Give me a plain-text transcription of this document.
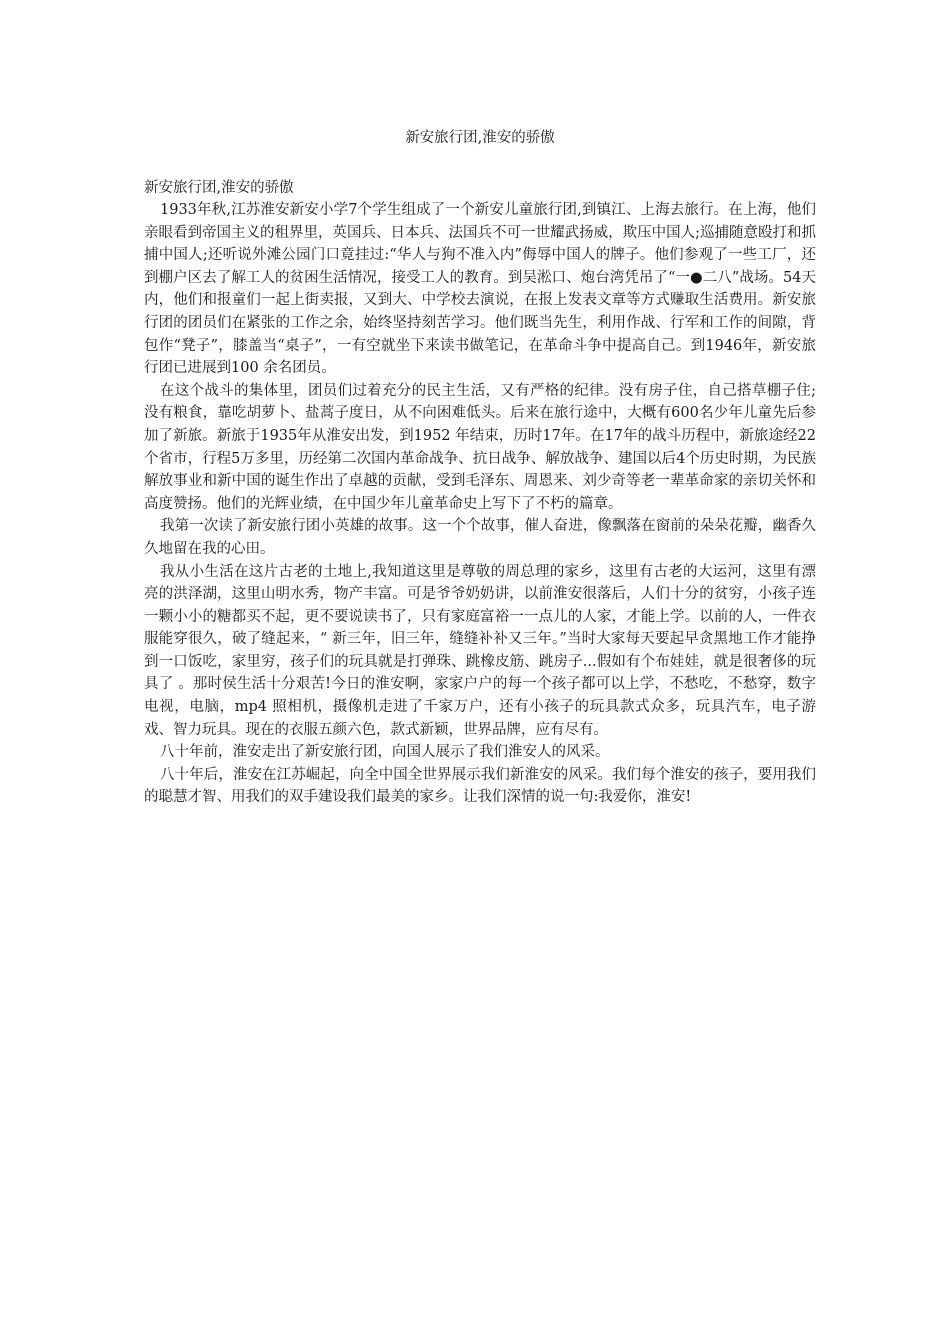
新安旅行团,淮安的骄傲

新安旅行团,淮安的骄傲

1933年秋,江苏淮安新安小学7个学生组成了一个新安儿童旅行团,到镇江、上海去旅行。在上海，他们亲眼看到帝国主义的租界里，英国兵、日本兵、法国兵不可一世耀武扬威，欺压中国人;巡捕随意殴打和抓捕中国人;还听说外滩公园门口竟挂过:“华人与狗不准入内”侮辱中国人的牌子。他们参观了一些工厂，还到棚户区去了解工人的贫困生活情况，接受工人的教育。到吴淞口、炮台湾凭吊了“一●二八”战场。54天内，他们和报童们一起上街卖报，又到大、中学校去演说，在报上发表文章等方式赚取生活费用。新安旅行团的团员们在紧张的工作之余，始终坚持刻苦学习。他们既当先生，利用作战、行军和工作的间隙，背包作“凳子”，膝盖当“桌子”，一有空就坐下来读书做笔记，在革命斗争中提高自己。到1946年，新安旅行团已进展到100 余名团员。

在这个战斗的集体里，团员们过着充分的民主生活，又有严格的纪律。没有房子住，自己搭草棚子住;没有粮食，靠吃胡萝卜、盐蒿子度日，从不向困难低头。后来在旅行途中，大概有600名少年儿童先后参加了新旅。新旅于1935年从淮安出发，到1952 年结束，历时17年。在17年的战斗历程中，新旅途经22个省市，行程5万多里，历经第二次国内革命战争、抗日战争、解放战争、建国以后4个历史时期，为民族解放事业和新中国的诞生作出了卓越的贡献，受到毛泽东、周恩来、刘少奇等老一辈革命家的亲切关怀和高度赞扬。他们的光辉业绩，在中国少年儿童革命史上写下了不朽的篇章。

我第一次读了新安旅行团小英雄的故事。这一个个故事，催人奋进，像飘落在窗前的朵朵花瓣，幽香久久地留在我的心田。

我从小生活在这片古老的土地上,我知道这里是尊敬的周总理的家乡，这里有古老的大运河，这里有漂亮的洪泽湖，这里山明水秀，物产丰富。可是爷爷奶奶讲，以前淮安很落后，人们十分的贫穷，小孩子连一颗小小的糖都买不起，更不要说读书了，只有家庭富裕一一点儿的人家，才能上学。以前的人，一件衣服能穿很久，破了缝起来，“ 新三年，旧三年，缝缝补补又三年。”当时大家每天要起早贪黑地工作才能挣到一口饭吃，家里穷，孩子们的玩具就是打弹珠、跳橡皮筋、跳房子...假如有个布娃娃，就是很奢侈的玩具了 。那时侯生活十分艰苦!今日的淮安啊，家家户户的每一个孩子都可以上学，不愁吃，不愁穿，数字电视，电脑，mp4 照相机，摄像机走进了千家万户，还有小孩子的玩具款式众多，玩具汽车，电子游戏、智力玩具。现在的衣服五颜六色，款式新颖，世界品牌，应有尽有。

八十年前，淮安走出了新安旅行团，向国人展示了我们淮安人的风采。

八十年后，淮安在江苏崛起，向全中国全世界展示我们新淮安的风采。我们每个淮安的孩子，要用我们的聪慧才智、用我们的双手建设我们最美的家乡。让我们深情的说一句:我爱你，淮安!
